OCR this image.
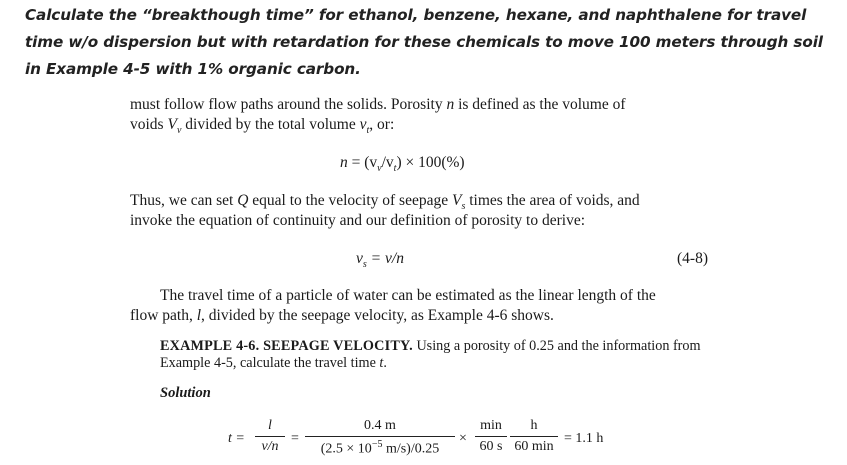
Calculate the “breakthough time” for ethanol, benzene, hexane, and naphthalene for travel time w/o dispersion but with retardation for these chemicals to move 100 meters through soil in Example 4-5 with 1% organic carbon.
must follow flow paths around the solids. Porosity n is defined as the volume of
voids $V_v$ divided by the total volume $v_t$, or:
$n = (v_v/v_t) \times 100(\%)$
Thus, we can set Q equal to the velocity of seepage $V_s$ times the area of voids, and
invoke the equation of continuity and our definition of porosity to derive:
$v_s = v/n$	(4-8)
The travel time of a particle of water can be estimated as the linear length of the
flow path, l, divided by the seepage velocity, as Example 4-6 shows.
EXAMPLE 4-6. SEEPAGE VELOCITY. Using a porosity of 0.25 and the information from
Example 4-5, calculate the travel time t.
Solution
$t = \frac{l}{v/n} = \frac{0.4 m}{(2.5 \times 10^{-5} m/s)/0.25}$ ×
min
60 s
h
60 min
= 1.1 h
